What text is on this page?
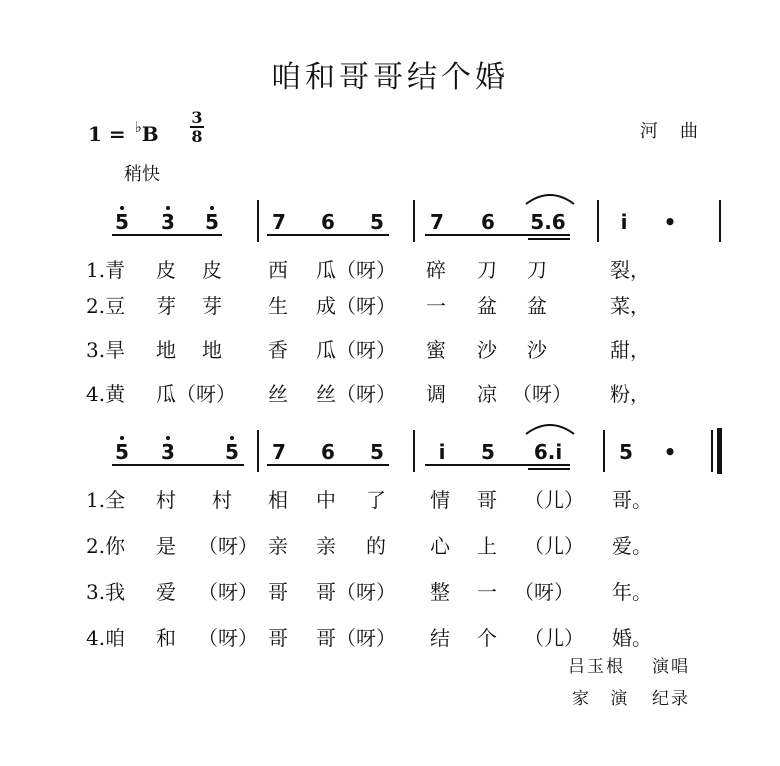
咱和哥哥结个婚
1 = ♭B
3
8	河曲
稍快
5 3 5	7 6 5 7 6 5.6	i •
1.青 皮 皮 西 瓜（呀） 碎 刀 刀	裂，
2.豆 芽 芽 生 成（呀） 一 盆 盆	菜，
3.旱 地 地 香 瓜（呀） 蜜 沙 沙	甜，
4.黄 瓜（呀） 丝 丝（呀） 调 凉 （呀） 粉，
5 3	5 7 6 5	i 5 6.i	5 •
1.全 村 村 相 中 了 情 哥 （儿） 哥。
2.你 是 （呀） 亲 亲 的 心 上 （儿） 爱。
3.我 爱 （呀） 哥 哥（呀） 整 一 （呀） 年。
4.咱 和 （呀） 哥 哥（呀） 结 个 （儿） 婚。
吕玉根 演唱
家 演 纪录
